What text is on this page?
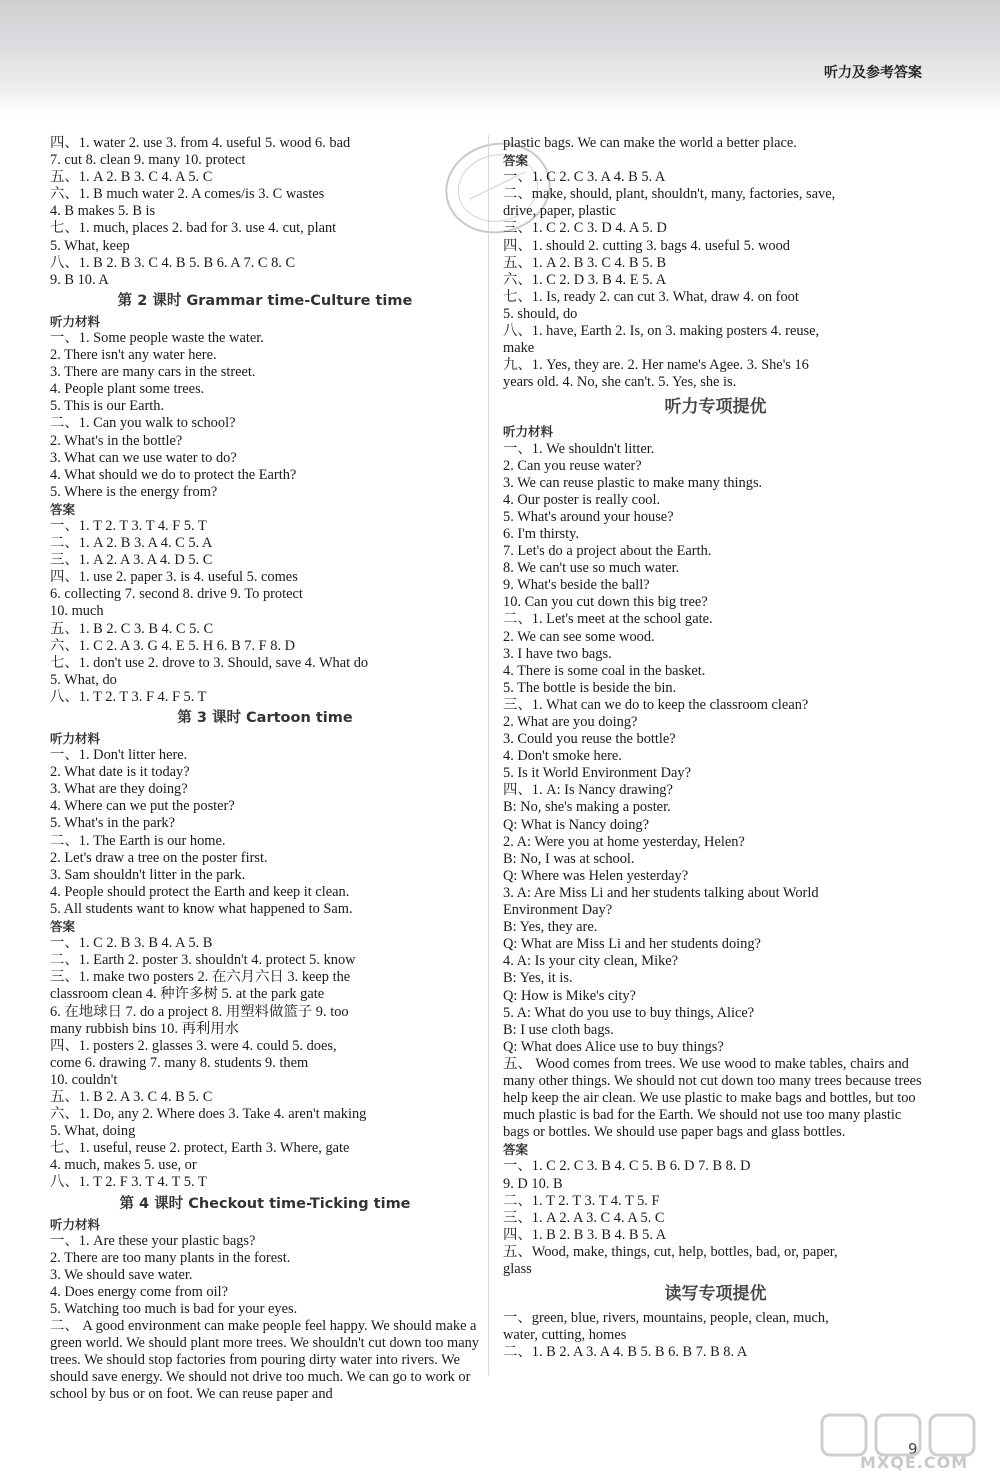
听力及参考答案
四、1. water 2. use 3. from 4. useful 5. wood 6. bad
7. cut 8. clean 9. many 10. protect
五、1. A 2. B 3. C 4. A 5. C
六、1. B much water 2. A comes/is 3. C wastes
4. B makes 5. B is
七、1. much, places 2. bad for 3. use 4. cut, plant
5. What, keep
八、1. B 2. B 3. C 4. B 5. B 6. A 7. C 8. C
9. B 10. A
第 2 课时 Grammar time-Culture time
听力材料
一、1. Some people waste the water.
2. There isn't any water here.
3. There are many cars in the street.
4. People plant some trees.
5. This is our Earth.
二、1. Can you walk to school?
2. What's in the bottle?
3. What can we use water to do?
4. What should we do to protect the Earth?
5. Where is the energy from?
答案
一、1. T 2. T 3. T 4. F 5. T
二、1. A 2. B 3. A 4. C 5. A
三、1. A 2. A 3. A 4. D 5. C
四、1. use 2. paper 3. is 4. useful 5. comes
6. collecting 7. second 8. drive 9. To protect
10. much
五、1. B 2. C 3. B 4. C 5. C
六、1. C 2. A 3. G 4. E 5. H 6. B 7. F 8. D
七、1. don't use 2. drove to 3. Should, save 4. What do
5. What, do
八、1. T 2. T 3. F 4. F 5. T
第 3 课时 Cartoon time
听力材料
一、1. Don't litter here.
2. What date is it today?
3. What are they doing?
4. Where can we put the poster?
5. What's in the park?
二、1. The Earth is our home.
2. Let's draw a tree on the poster first.
3. Sam shouldn't litter in the park.
4. People should protect the Earth and keep it clean.
5. All students want to know what happened to Sam.
答案
一、1. C 2. B 3. B 4. A 5. B
二、1. Earth 2. poster 3. shouldn't 4. protect 5. know
三、1. make two posters 2. 在六月六日 3. keep the
classroom clean 4. 种许多树 5. at the park gate
6. 在地球日 7. do a project 8. 用塑料做篮子 9. too
many rubbish bins 10. 再利用水
四、1. posters 2. glasses 3. were 4. could 5. does,
come 6. drawing 7. many 8. students 9. them
10. couldn't
五、1. B 2. A 3. C 4. B 5. C
六、1. Do, any 2. Where does 3. Take 4. aren't making
5. What, doing
七、1. useful, reuse 2. protect, Earth 3. Where, gate
4. much, makes 5. use, or
八、1. T 2. F 3. T 4. T 5. T
第 4 课时 Checkout time-Ticking time
听力材料
一、1. Are these your plastic bags?
2. There are too many plants in the forest.
3. We should save water.
4. Does energy come from oil?
5. Watching too much is bad for your eyes.
二、 A good environment can make people feel happy. We should make a green world. We should plant more trees. We shouldn't cut down too many trees. We should stop factories from pouring dirty water into rivers. We should save energy. We should not drive too much. We can go to work or school by bus or on foot. We can reuse paper and
plastic bags. We can make the world a better place.
答案
一、1. C 2. C 3. A 4. B 5. A
二、make, should, plant, shouldn't, many, factories, save,
drive, paper, plastic
三、1. C 2. C 3. D 4. A 5. D
四、1. should 2. cutting 3. bags 4. useful 5. wood
五、1. A 2. B 3. C 4. B 5. B
六、1. C 2. D 3. B 4. E 5. A
七、1. Is, ready 2. can cut 3. What, draw 4. on foot
5. should, do
八、1. have, Earth 2. Is, on 3. making posters 4. reuse,
make
九、1. Yes, they are. 2. Her name's Agee. 3. She's 16
years old. 4. No, she can't. 5. Yes, she is.
听力专项提优
听力材料
一、1. We shouldn't litter.
2. Can you reuse water?
3. We can reuse plastic to make many things.
4. Our poster is really cool.
5. What's around your house?
6. I'm thirsty.
7. Let's do a project about the Earth.
8. We can't use so much water.
9. What's beside the ball?
10. Can you cut down this big tree?
二、1. Let's meet at the school gate.
2. We can see some wood.
3. I have two bags.
4. There is some coal in the basket.
5. The bottle is beside the bin.
三、1. What can we do to keep the classroom clean?
2. What are you doing?
3. Could you reuse the bottle?
4. Don't smoke here.
5. Is it World Environment Day?
四、1. A: Is Nancy drawing?
B: No, she's making a poster.
Q: What is Nancy doing?
2. A: Were you at home yesterday, Helen?
B: No, I was at school.
Q: Where was Helen yesterday?
3. A: Are Miss Li and her students talking about World
Environment Day?
B: Yes, they are.
Q: What are Miss Li and her students doing?
4. A: Is your city clean, Mike?
B: Yes, it is.
Q: How is Mike's city?
5. A: What do you use to buy things, Alice?
B: I use cloth bags.
Q: What does Alice use to buy things?
五、 Wood comes from trees. We use wood to make tables, chairs and many other things. We should not cut down too many trees because trees help keep the air clean. We use plastic to make bags and bottles, but too much plastic is bad for the Earth. We should not use too many plastic bags or bottles. We should use paper bags and glass bottles.
答案
一、1. C 2. C 3. B 4. C 5. B 6. D 7. B 8. D
9. D 10. B
二、1. T 2. T 3. T 4. T 5. F
三、1. A 2. A 3. C 4. A 5. C
四、1. B 2. B 3. B 4. B 5. A
五、Wood, make, things, cut, help, bottles, bad, or, paper,
glass
读写专项提优
一、green, blue, rivers, mountains, people, clean, much,
water, cutting, homes
二、1. B 2. A 3. A 4. B 5. B 6. B 7. B 8. A
9
MXQE.COM
